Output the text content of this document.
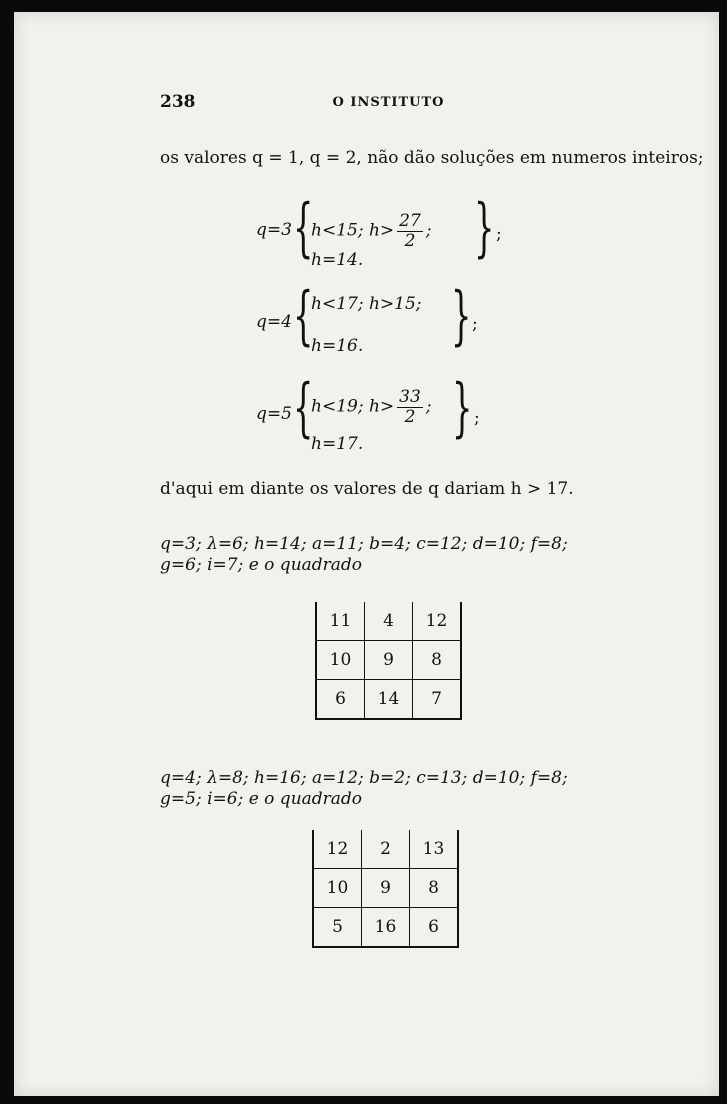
238	O INSTITUTO
os valores q = 1, q = 2, não dão soluções em numeros inteiros;
q=3 {
h<15; $h> \frac{27}{2}$ ;
h=14. } ;
q=4 {
h<17; h>15;
h=16. } ;
q=5 {
h<19; $h> \frac{33}{2}$ ;
h=17. } ;
d'aqui em diante os valores de q dariam h > 17.
q=3; λ=6; h=14; a=11; b=4; c=12; d=10; f=8;
g=6; i=7; e o quadrado
11	4	12
10	9	8
6	14	7
q=4; λ=8; h=16; a=12; b=2; c=13; d=10; f=8;
g=5; i=6; e o quadrado
12	2	13
10	9	8
5	16	6
